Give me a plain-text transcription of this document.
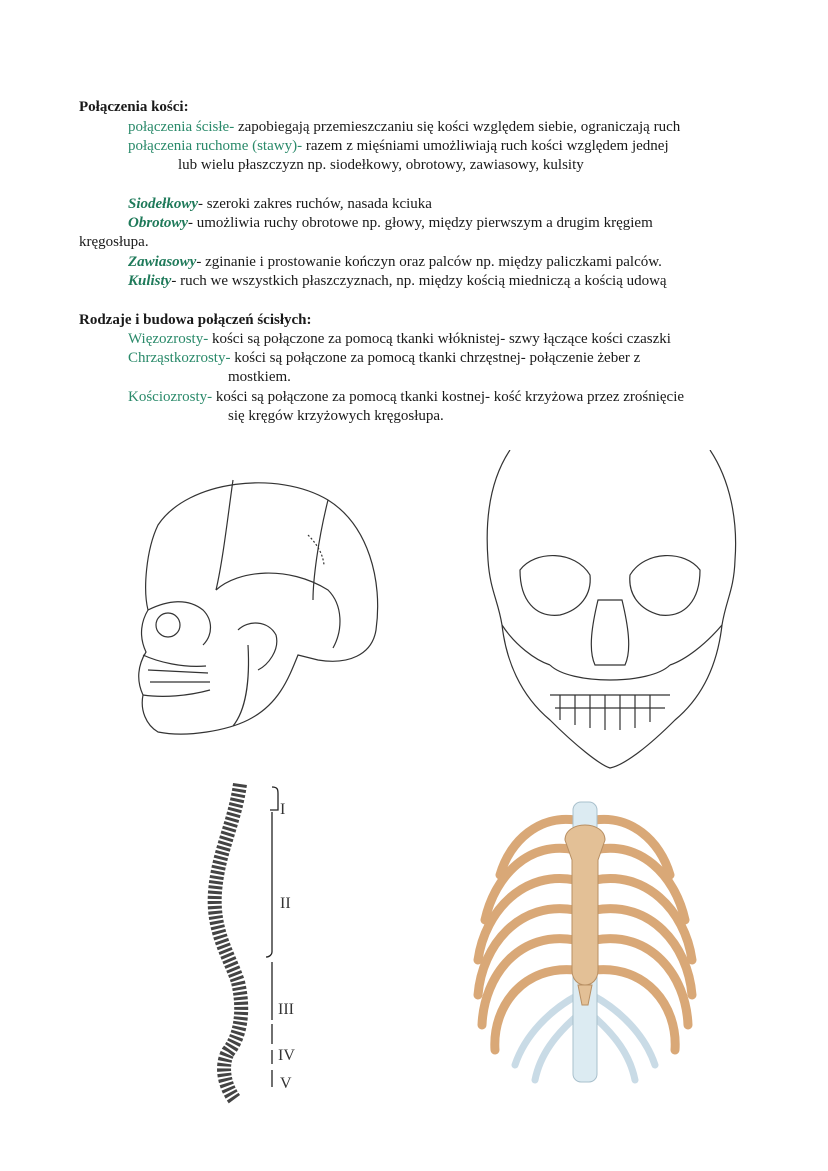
Połączenia kości:
połączenia ścisłe- zapobiegają przemieszczaniu się kości względem siebie, ograniczają ruch
połączenia ruchome (stawy)- razem z mięśniami umożliwiają ruch kości względem jednej
lub wielu płaszczyzn np. siodełkowy, obrotowy, zawiasowy, kulsity
Siodełkowy- szeroki zakres ruchów, nasada kciuka
Obrotowy- umożliwia ruchy obrotowe np. głowy, między pierwszym a drugim kręgiem
kręgosłupa.
Zawiasowy- zginanie i prostowanie kończyn oraz palców np. między paliczkami palców.
Kulisty- ruch we wszystkich płaszczyznach, np. między kością miedniczą a kością udową
Rodzaje i budowa połączeń ścisłych:
Więzozrosty- kości są połączone za pomocą tkanki włóknistej- szwy łączące kości czaszki
Chrząstkozrosty- kości są połączone za pomocą tkanki chrzęstnej- połączenie żeber z
mostkiem.
Kościozrosty- kości są połączone za pomocą tkanki kostnej- kość krzyżowa przez zrośnięcie
się kręgów krzyżowych kręgosłupa.
I
II
III
IV
V
